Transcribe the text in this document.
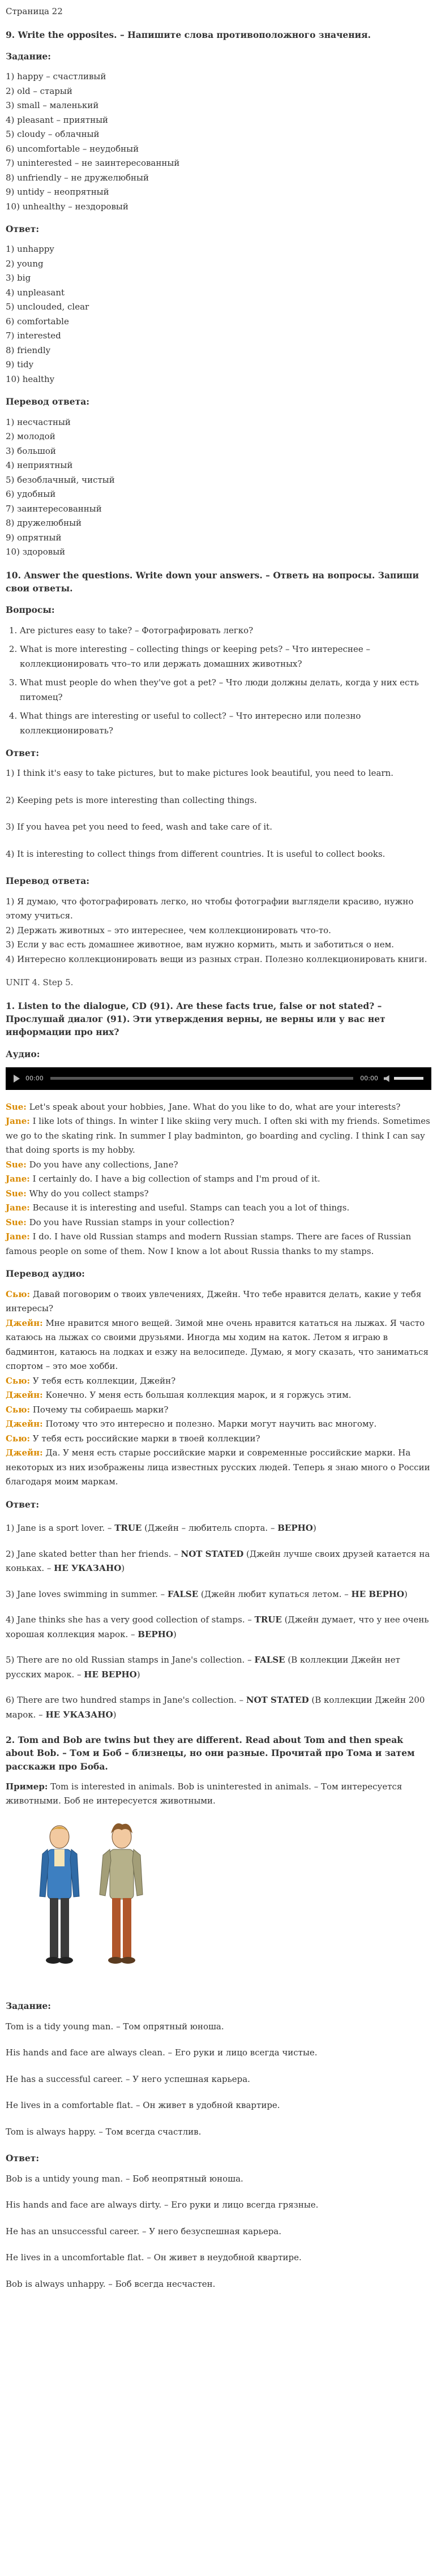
Страница 22

9. Write the opposites. – Напишите слова противоположного значения.
Задание:

1) happy – счастливый

2) old – старый

3) small – маленький

4) pleasant – приятный

5) cloudy – облачный

6) uncomfortable – неудобный

7) uninterested – не заинтересованный

8) unfriendly – не дружелюбный

9) untidy – неопрятный

10) unhealthy – нездоровый

Ответ:

1) unhappy

2) young

3) big

4) unpleasant

5) unclouded, clear

6) comfortable

7) interested

8) friendly

9) tidy

10) healthy

Перевод ответа:

1) несчастный

2) молодой

3) большой

4) неприятный

5) безоблачный, чистый

6) удобный

7) заинтересованный

8) дружелюбный

9) опрятный

10) здоровый

10. Answer the questions. Write down your answers. – Ответь на вопросы. Запиши свои ответы.
Вопросы:
1. Are pictures easy to take? – Фотографировать легко?
2. What is more interesting – collecting things or keeping pets? – Что интереснее – коллекционировать что–то или держать домашних животных?
3. What must people do when they've got a pet? – Что люди должны делать, когда у них есть питомец?
4. What things are interesting or useful to collect? – Что интересно или полезно коллекционировать?
Ответ:

1) I think it's easy to take pictures, but to make pictures look beautiful, you need to learn.

2) Keeping pets is more interesting than collecting things.

3) If you havea pet you need to feed, wash and take care of it.

4) It is interesting to collect things from different countries. It is useful to collect books.

Перевод ответа:

1) Я думаю, что фотографировать легко, но чтобы фотографии выглядели красиво, нужно этому учиться.

2) Держать животных – это интереснее, чем коллекционировать что-то.

3) Если у вас есть домашнее животное, вам нужно кормить, мыть и заботиться о нем.

4) Интересно коллекционировать вещи из разных стран. Полезно коллекционировать книги.

UNIT 4. Step 5.

1. Listen to the dialogue, CD (91). Are these facts true, false or not stated? – Прослушай диалог (91). Эти утверждения верны, не верны или у вас нет информации про них?
Аудио:
00:00	00:00

Sue: Let's speak about your hobbies, Jane. What do you like to do, what are your interests?

Jane: I like lots of things. In winter I like skiing very much. I often ski with my friends. Sometimes we go to the skating rink. In summer I play badminton, go boarding and cycling. I think I can say that doing sports is my hobby.

Sue: Do you have any collections, Jane?

Jane: I certainly do. I have a big collection of stamps and I'm proud of it.

Sue: Why do you collect stamps?

Jane: Because it is interesting and useful. Stamps can teach you a lot of things.

Sue: Do you have Russian stamps in your collection?

Jane: I do. I have old Russian stamps and modern Russian stamps. There are faces of Russian famous people on some of them. Now I know a lot about Russia thanks to my stamps.

Перевод аудио:

Сью: Давай поговорим о твоих увлечениях, Джейн. Что тебе нравится делать, какие у тебя интересы?

Джейн: Мне нравится много вещей. Зимой мне очень нравится кататься на лыжах. Я часто катаюсь на лыжах со своими друзьями. Иногда мы ходим на каток. Летом я играю в бадминтон, катаюсь на лодках и езжу на велосипеде. Думаю, я могу сказать, что заниматься спортом – это мое хобби.

Сью: У тебя есть коллекции, Джейн?

Джейн: Конечно. У меня есть большая коллекция марок, и я горжусь этим.

Сью: Почему ты собираешь марки?

Джейн: Потому что это интересно и полезно. Марки могут научить вас многому.

Сью: У тебя есть российские марки в твоей коллекции?

Джейн: Да. У меня есть старые российские марки и современные российские марки. На некоторых из них изображены лица известных русских людей. Теперь я знаю много о России благодаря моим маркам.

Ответ:

1) Jane is a sport lover. – TRUE (Джейн – любитель спорта. – ВЕРНО)

2) Jane skated better than her friends. – NOT STATED (Джейн лучше своих друзей катается на коньках. – НЕ УКАЗАНО)

3) Jane loves swimming in summer. – FALSE (Джейн любит купаться летом. – НЕ ВЕРНО)

4) Jane thinks she has a very good collection of stamps. – TRUE (Джейн думает, что у нее очень хорошая коллекция марок. – ВЕРНО)

5) There are no old Russian stamps in Jane's collection. – FALSE (В коллекции Джейн нет русских марок. – НЕ ВЕРНО)

6) There are two hundred stamps in Jane's collection. – NOT STATED (В коллекции Джейн 200 марок. – НЕ УКАЗАНО)

2. Tom and Bob are twins but they are different. Read about Tom and then speak about Bob. – Том и Боб – близнецы, но они разные. Прочитай про Тома и затем расскажи про Боба.

Пример: Tom is interested in animals. Bob is uninterested in animals. – Том интересуется животными. Боб не интересуется животными.

Задание:

Tom is a tidy young man. – Том опрятный юноша.

His hands and face are always clean. – Его руки и лицо всегда чистые.

He has a successful career. – У него успешная карьера.

He lives in a comfortable flat. – Он живет в удобной квартире.

Tom is always happy. – Том всегда счастлив.

Ответ:

Bob is a untidy young man. – Боб неопрятный юноша.

His hands and face are always dirty. – Его руки и лицо всегда грязные.

He has an unsuccessful career. – У него безуспешная карьера.

He lives in a uncomfortable flat. – Он живет в неудобной квартире.

Bob is always unhappy. – Боб всегда несчастен.
